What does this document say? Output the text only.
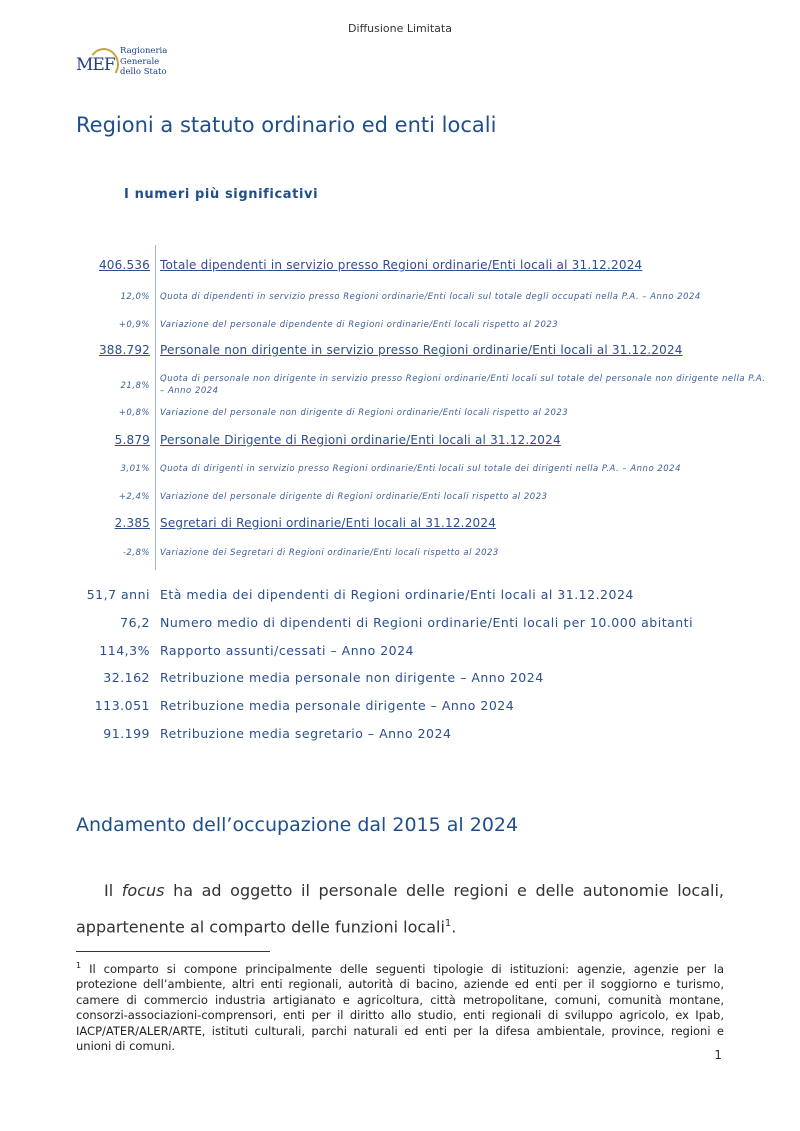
Diffusione Limitata
MEF
Ragioneria
Generale
dello Stato
Regioni a statuto ordinario ed enti locali
I numeri più significativi
406.536 Totale dipendenti in servizio presso Regioni ordinarie/Enti locali al 31.12.2024
12,0% Quota di dipendenti in servizio presso Regioni ordinarie/Enti locali sul totale degli occupati nella P.A. – Anno 2024
+0,9% Variazione del personale dipendente di Regioni ordinarie/Enti locali rispetto al 2023
388.792 Personale non dirigente in servizio presso Regioni ordinarie/Enti locali al 31.12.2024
21,8%
Quota di personale non dirigente in servizio presso Regioni ordinarie/Enti locali sul totale del personale non dirigente nella P.A. – Anno 2024
+0,8% Variazione del personale non dirigente di Regioni ordinarie/Enti locali rispetto al 2023
5.879 Personale Dirigente di Regioni ordinarie/Enti locali al 31.12.2024
3,01% Quota di dirigenti in servizio presso Regioni ordinarie/Enti locali sul totale dei dirigenti nella P.A. – Anno 2024
+2,4% Variazione del personale dirigente di Regioni ordinarie/Enti locali rispetto al 2023
2.385 Segretari di Regioni ordinarie/Enti locali al 31.12.2024
-2,8% Variazione dei Segretari di Regioni ordinarie/Enti locali rispetto al 2023
51,7 anni Età media dei dipendenti di Regioni ordinarie/Enti locali al 31.12.2024
76,2 Numero medio di dipendenti di Regioni ordinarie/Enti locali per 10.000 abitanti
114,3% Rapporto assunti/cessati – Anno 2024
32.162 Retribuzione media personale non dirigente – Anno 2024
113.051 Retribuzione media personale dirigente – Anno 2024
91.199 Retribuzione media segretario – Anno 2024
Andamento dell’occupazione dal 2015 al 2024
Il focus ha ad oggetto il personale delle regioni e delle autonomie locali, appartenente al comparto delle funzioni locali$^1$.
$^1$ Il comparto si compone principalmente delle seguenti tipologie di istituzioni: agenzie, agenzie per la protezione dell’ambiente, altri enti regionali, autorità di bacino, aziende ed enti per il soggiorno e turismo, camere di commercio industria artigianato e agricoltura, città metropolitane, comuni, comunità montane, consorzi-associazioni-comprensori, enti per il diritto allo studio, enti regionali di sviluppo agricolo, ex Ipab, IACP/ATER/ALER/ARTE, istituti culturali, parchi naturali ed enti per la difesa ambientale, province, regioni e unioni di comuni.
1
